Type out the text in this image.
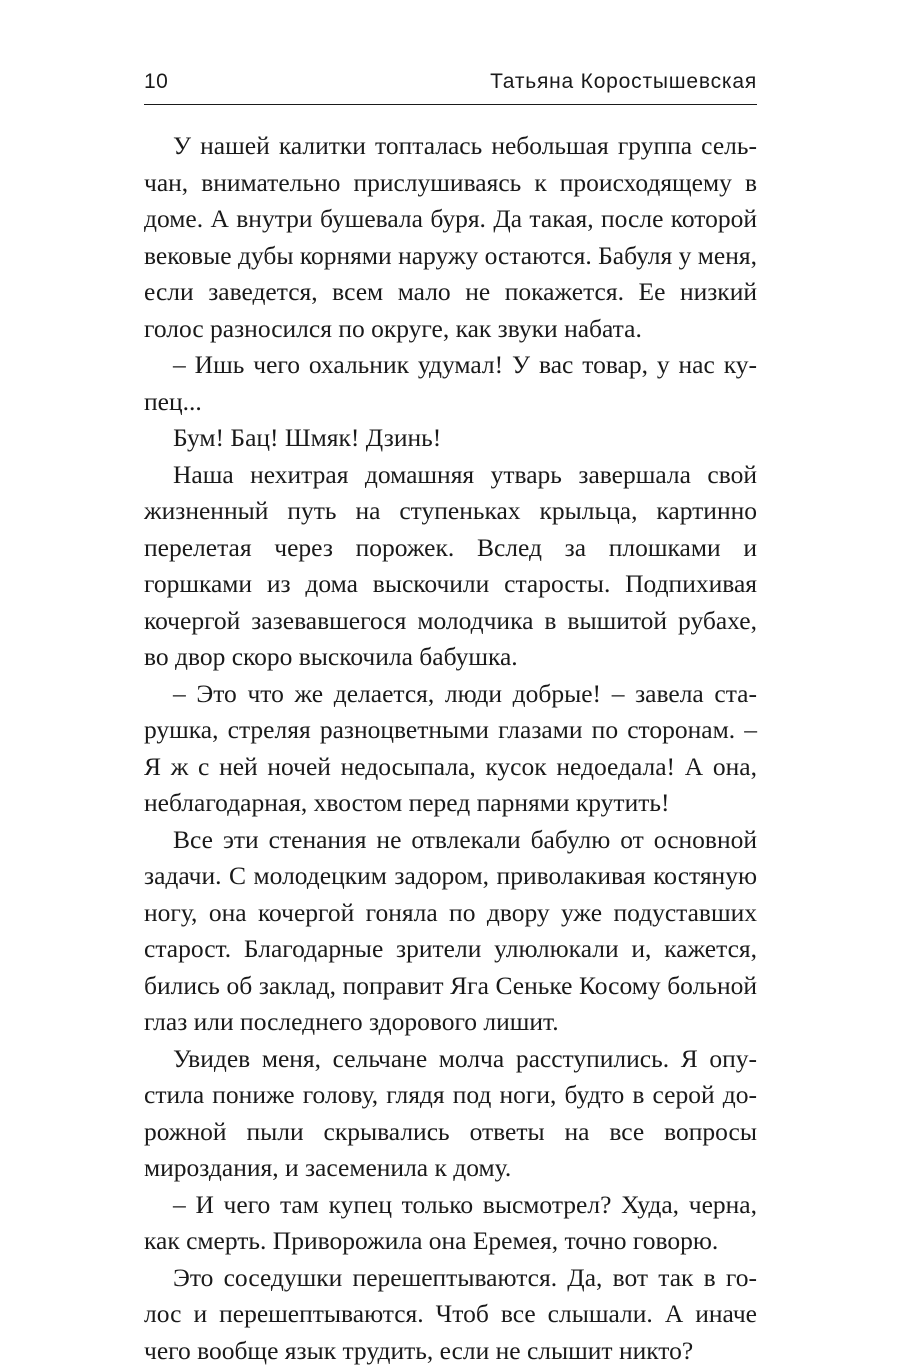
10	Татьяна Коростышевская

У нашей калитки топталась небольшая группа сельчан, внимательно прислушиваясь к происходящему в доме. А внутри бушевала буря. Да такая, после которой вековые дубы корнями наружу остаются. Бабуля у меня, если заведется, всем мало не покажется. Ее низкий голос разносился по округе, как звуки набата.

– Ишь чего охальник удумал! У вас товар, у нас купец...

Бум! Бац! Шмяк! Дзинь!

Наша нехитрая домашняя утварь завершала свой жизненный путь на ступеньках крыльца, картинно перелетая через порожек. Вслед за плошками и горшками из дома выскочили старосты. Подпихивая кочергой зазевавшегося молодчика в вышитой рубахе, во двор скоро выскочила бабушка.

– Это что же делается, люди добрые! – завела старушка, стреляя разноцветными глазами по сторонам. – Я ж с ней ночей недосыпала, кусок недоедала! А она, неблагодарная, хвостом перед парнями крутить!

Все эти стенания не отвлекали бабулю от основной задачи. С молодецким задором, приволакивая костяную ногу, она кочергой гоняла по двору уже подуставших старост. Благодарные зрители улюлюкали и, кажется, бились об заклад, поправит Яга Сеньке Косому больной глаз или последнего здорового лишит.

Увидев меня, сельчане молча расступились. Я опустила пониже голову, глядя под ноги, будто в серой дорожной пыли скрывались ответы на все вопросы мироздания, и засеменила к дому.

– И чего там купец только высмотрел? Худа, черна, как смерть. Приворожила она Еремея, точно говорю.

Это соседушки перешептываются. Да, вот так в голос и перешептываются. Чтоб все слышали. А иначе чего вообще язык трудить, если не слышит никто?
